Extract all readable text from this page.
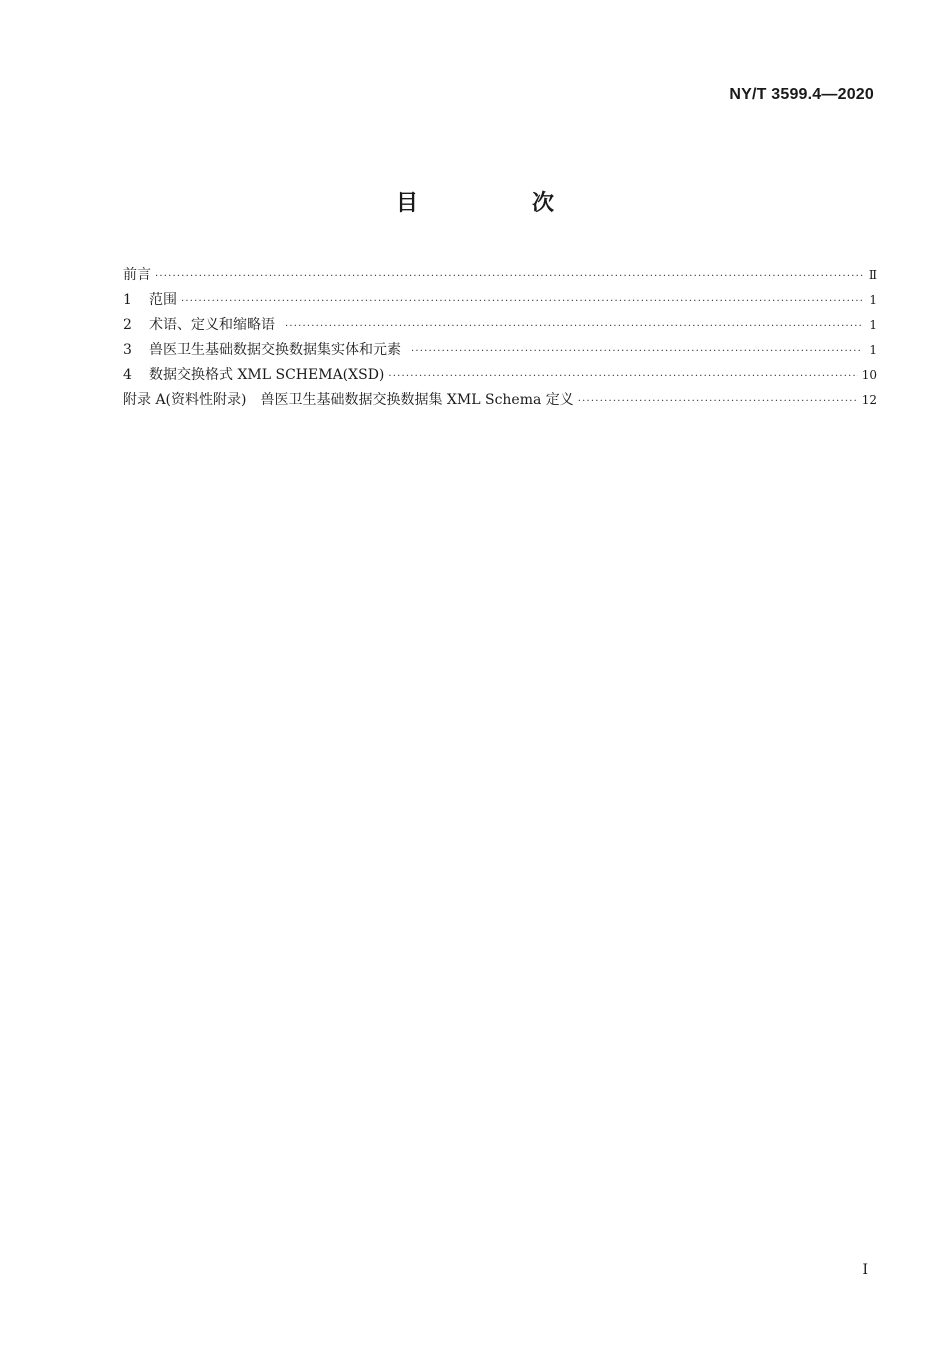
NY/T 3599.4—2020
目　次
前言 ·····	Ⅱ
1	范围 ·····	1
2	术语、定义和缩略语 ·····	1
3	兽医卫生基础数据交换数据集实体和元素 ·····	1
4	数据交换格式 XML SCHEMA(XSD) ·····	10
附录 A(资料性附录)　兽医卫生基础数据交换数据集 XML Schema 定义 ·····	12
I
